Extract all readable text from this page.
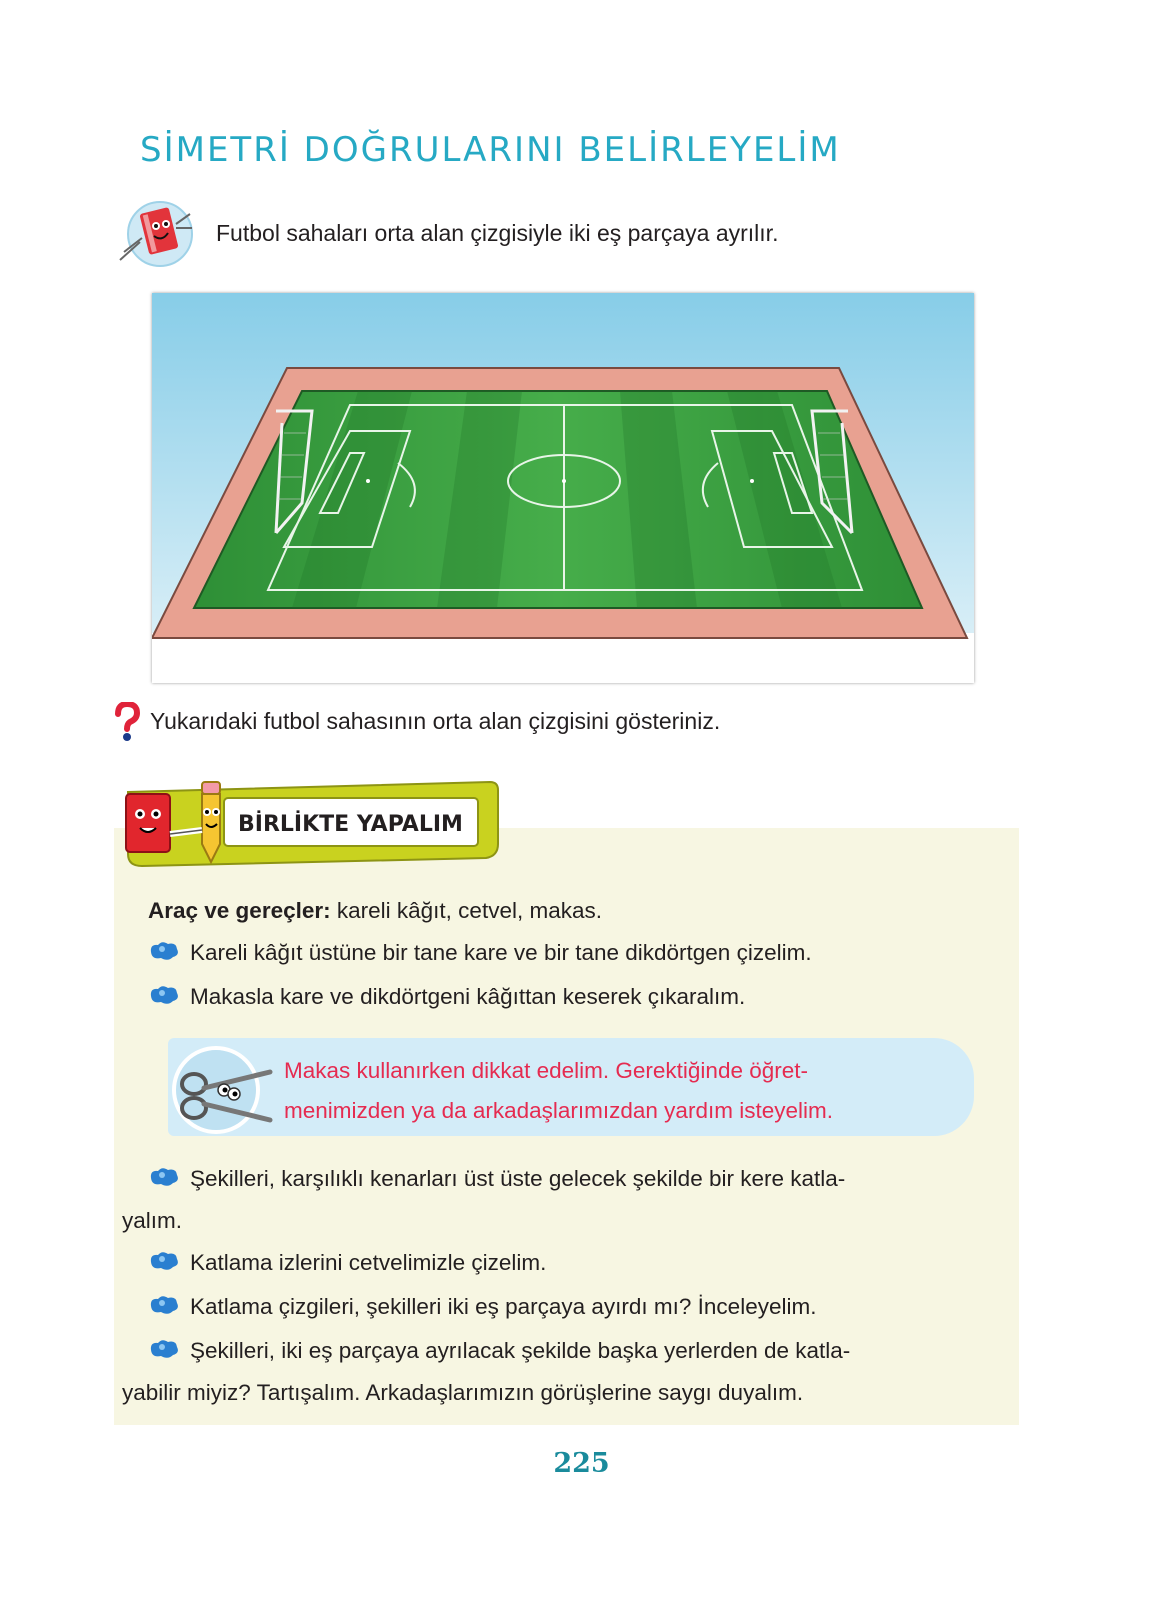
SİMETRİ DOĞRULARINI BELİRLEYELİM
Futbol sahaları orta alan çizgisiyle iki eş parçaya ayrılır.
Yukarıdaki futbol sahasının orta alan çizgisini gösteriniz.
BİRLİKTE YAPALIM
Araç ve gereçler: kareli kâğıt, cetvel, makas.
Kareli kâğıt üstüne bir tane kare ve bir tane dikdörtgen çizelim.
Makasla kare ve dikdörtgeni kâğıttan keserek çıkaralım.
Makas kullanırken dikkat edelim. Gerektiğinde öğret-
menimizden ya da arkadaşlarımızdan yardım isteyelim.
Şekilleri, karşılıklı kenarları üst üste gelecek şekilde bir kere katla-
yalım.
Katlama izlerini cetvelimizle çizelim.
Katlama çizgileri, şekilleri iki eş parçaya ayırdı mı? İnceleyelim.
Şekilleri, iki eş parçaya ayrılacak şekilde başka yerlerden de katla-
yabilir miyiz? Tartışalım. Arkadaşlarımızın görüşlerine saygı duyalım.
225
